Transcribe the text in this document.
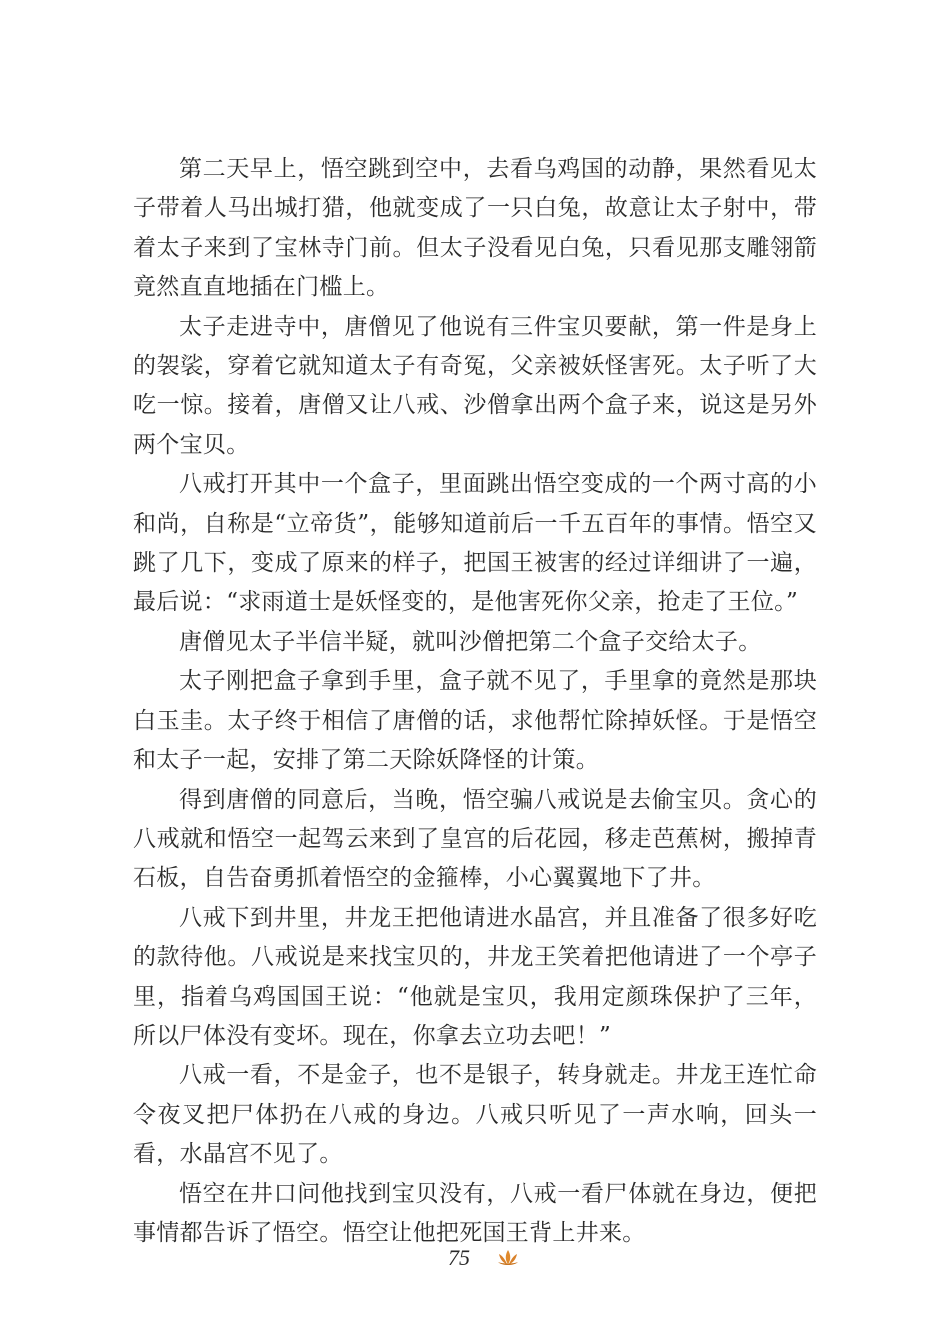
第二天早上，悟空跳到空中，去看乌鸡国的动静，果然看见太子带着人马出城打猎，他就变成了一只白兔，故意让太子射中，带着太子来到了宝林寺门前。但太子没看见白兔，只看见那支雕翎箭竟然直直地插在门槛上。

太子走进寺中，唐僧见了他说有三件宝贝要献，第一件是身上的袈裟，穿着它就知道太子有奇冤，父亲被妖怪害死。太子听了大吃一惊。接着，唐僧又让八戒、沙僧拿出两个盒子来，说这是另外两个宝贝。

八戒打开其中一个盒子，里面跳出悟空变成的一个两寸高的小和尚，自称是“立帝货”，能够知道前后一千五百年的事情。悟空又跳了几下，变成了原来的样子，把国王被害的经过详细讲了一遍，最后说：“求雨道士是妖怪变的，是他害死你父亲，抢走了王位。”

唐僧见太子半信半疑，就叫沙僧把第二个盒子交给太子。

太子刚把盒子拿到手里，盒子就不见了，手里拿的竟然是那块白玉圭。太子终于相信了唐僧的话，求他帮忙除掉妖怪。于是悟空和太子一起，安排了第二天除妖降怪的计策。

得到唐僧的同意后，当晚，悟空骗八戒说是去偷宝贝。贪心的八戒就和悟空一起驾云来到了皇宫的后花园，移走芭蕉树，搬掉青石板，自告奋勇抓着悟空的金箍棒，小心翼翼地下了井。

八戒下到井里，井龙王把他请进水晶宫，并且准备了很多好吃的款待他。八戒说是来找宝贝的，井龙王笑着把他请进了一个亭子里，指着乌鸡国国王说：“他就是宝贝，我用定颜珠保护了三年，所以尸体没有变坏。现在，你拿去立功去吧！”

八戒一看，不是金子，也不是银子，转身就走。井龙王连忙命令夜叉把尸体扔在八戒的身边。八戒只听见了一声水响，回头一看，水晶宫不见了。

悟空在井口问他找到宝贝没有，八戒一看尸体就在身边，便把事情都告诉了悟空。悟空让他把死国王背上井来。

75
